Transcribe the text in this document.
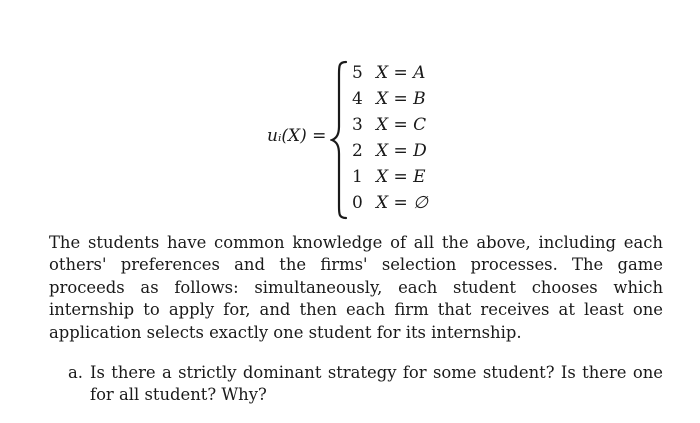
uᵢ(X) =
5 X = A
4 X = B
3 X = C
2 X = D
1 X = E
0 X = ∅

The students have common knowledge of all the above, including each others' preferences and the firms' selection processes. The game proceeds as follows: simultaneously, each student chooses which internship to apply for, and then each firm that receives at least one application selects exactly one student for its internship.

a. Is there a strictly dominant strategy for some student? Is there one for all student? Why?
